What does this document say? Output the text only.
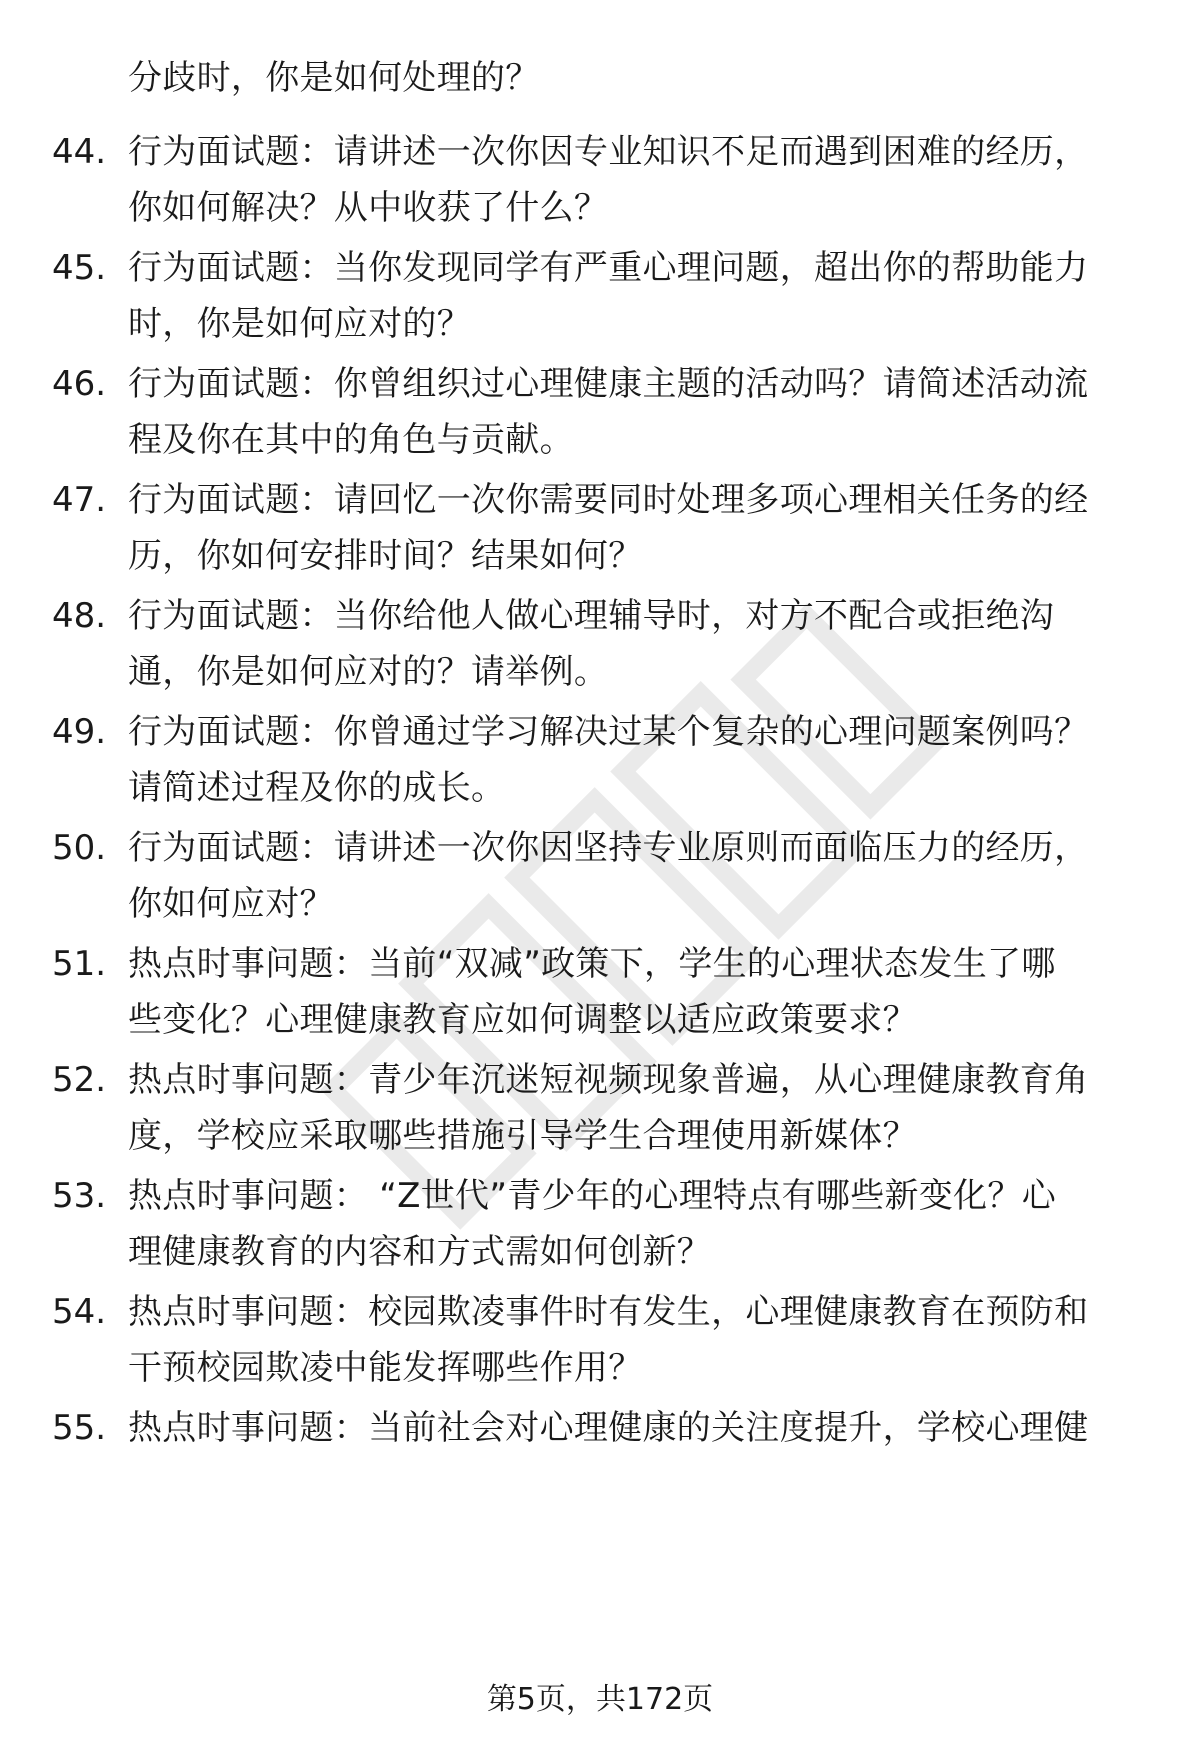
分歧时，你是如何处理的？
44. 行为面试题：请讲述一次你因专业知识不足而遇到困难的经历，
你如何解决？从中收获了什么？
45. 行为面试题：当你发现同学有严重心理问题，超出你的帮助能力
时，你是如何应对的？
46. 行为面试题：你曾组织过心理健康主题的活动吗？请简述活动流
程及你在其中的角色与贡献。
47. 行为面试题：请回忆一次你需要同时处理多项心理相关任务的经
历，你如何安排时间？结果如何？
48. 行为面试题：当你给他人做心理辅导时，对方不配合或拒绝沟
通，你是如何应对的？请举例。
49. 行为面试题：你曾通过学习解决过某个复杂的心理问题案例吗？
请简述过程及你的成长。
50. 行为面试题：请讲述一次你因坚持专业原则而面临压力的经历，
你如何应对？
51. 热点时事问题：当前“双减”政策下，学生的心理状态发生了哪
些变化？心理健康教育应如何调整以适应政策要求？
52. 热点时事问题：青少年沉迷短视频现象普遍，从心理健康教育角
度，学校应采取哪些措施引导学生合理使用新媒体？
53. 热点时事问题： “Z世代”青少年的心理特点有哪些新变化？心
理健康教育的内容和方式需如何创新？
54. 热点时事问题：校园欺凌事件时有发生，心理健康教育在预防和
干预校园欺凌中能发挥哪些作用？
55. 热点时事问题：当前社会对心理健康的关注度提升，学校心理健
第5页，共172页
